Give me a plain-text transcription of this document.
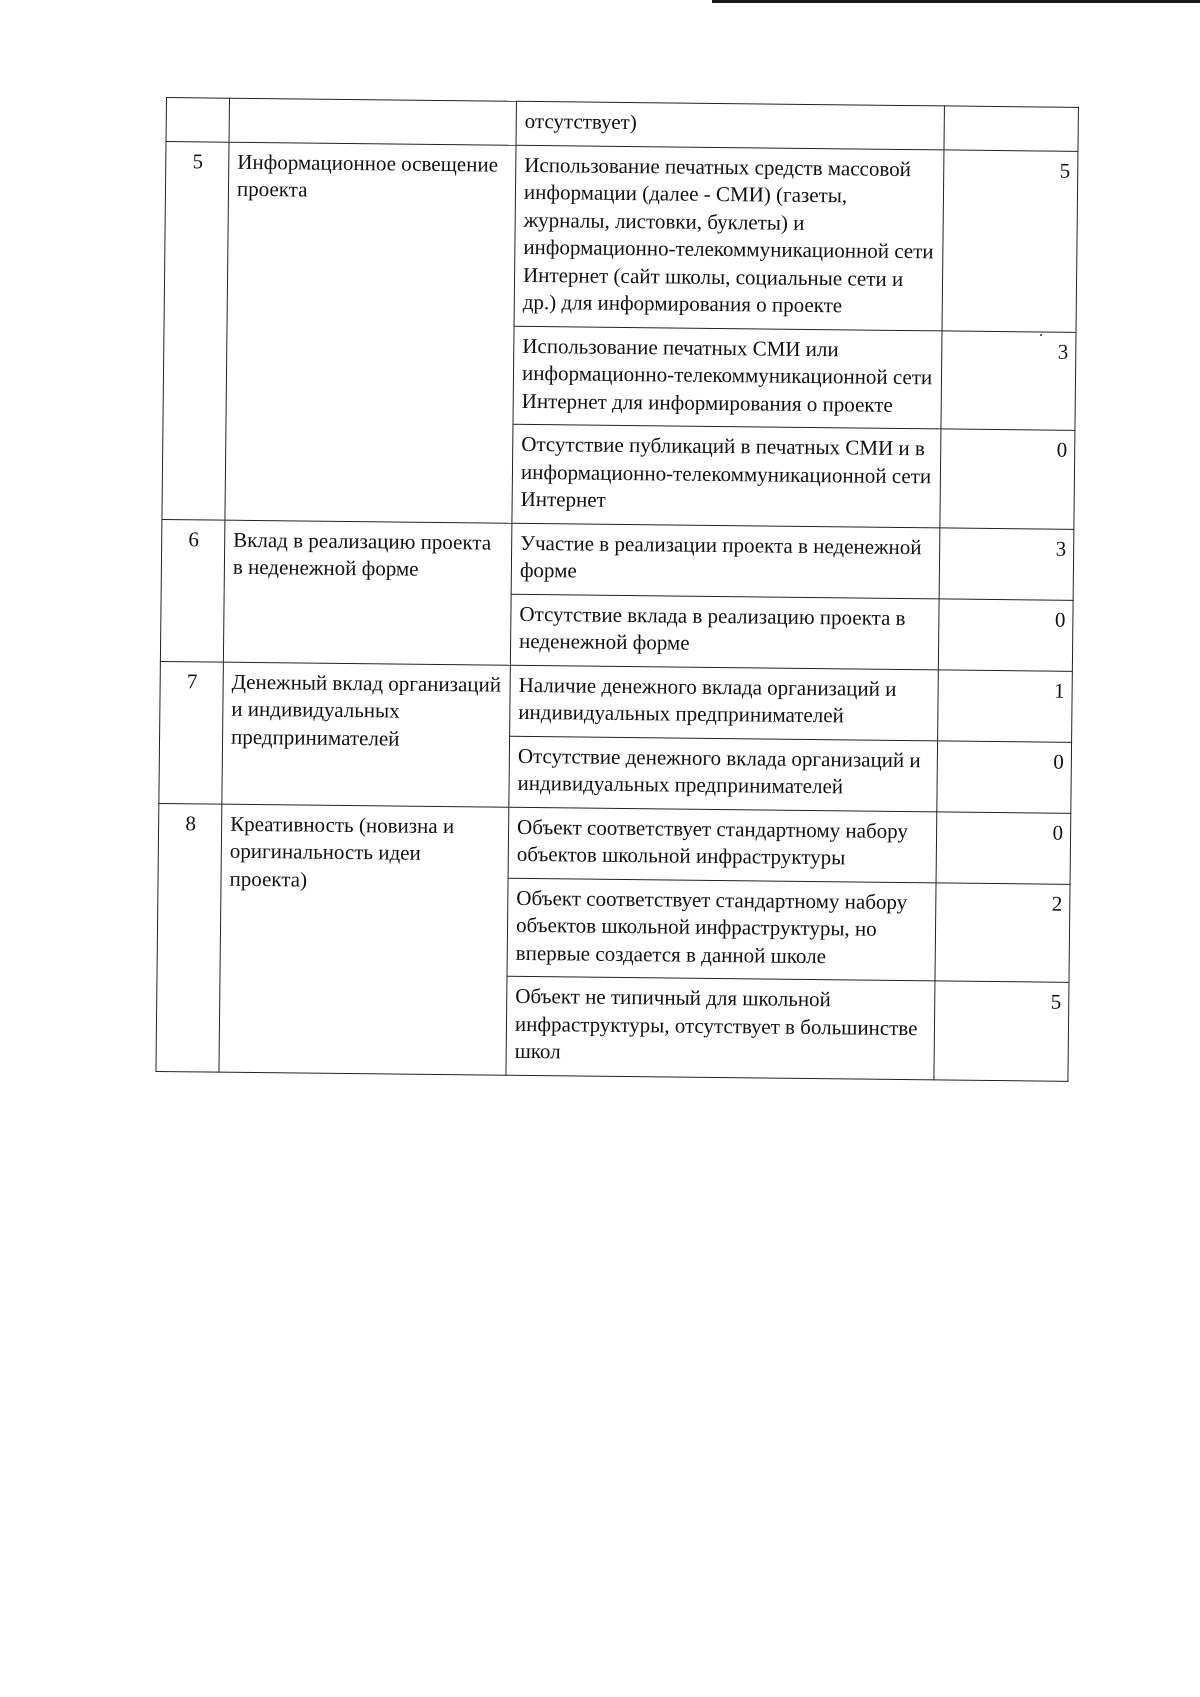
		отсутствует)	
5	Информационное освещение проекта	Использование печатных средств массовой информации (далее - СМИ) (газеты, журналы, листовки, буклеты) и информационно-телекоммуникационной сети Интернет (сайт школы, социальные сети и др.) для информирования о проекте	5
		Использование печатных СМИ или информационно-телекоммуникационной сети Интернет для информирования о проекте	3
		Отсутствие публикаций в печатных СМИ и в информационно-телекоммуникационной сети Интернет	0
6	Вклад в реализацию проекта в неденежной форме	Участие в реализации проекта в неденежной форме	3
		Отсутствие вклада в реализацию проекта в неденежной форме	0
7	Денежный вклад организаций и индивидуальных предпринимателей	Наличие денежного вклада организаций и индивидуальных предпринимателей	1
		Отсутствие денежного вклада организаций и индивидуальных предпринимателей	0
8	Креативность (новизна и оригинальность идеи проекта)	Объект соответствует стандартному набору объектов школьной инфраструктуры	0
		Объект соответствует стандартному набору объектов школьной инфраструктуры, но впервые создается в данной школе	2
		Объект не типичный для школьной инфраструктуры, отсутствует в большинстве школ	5
